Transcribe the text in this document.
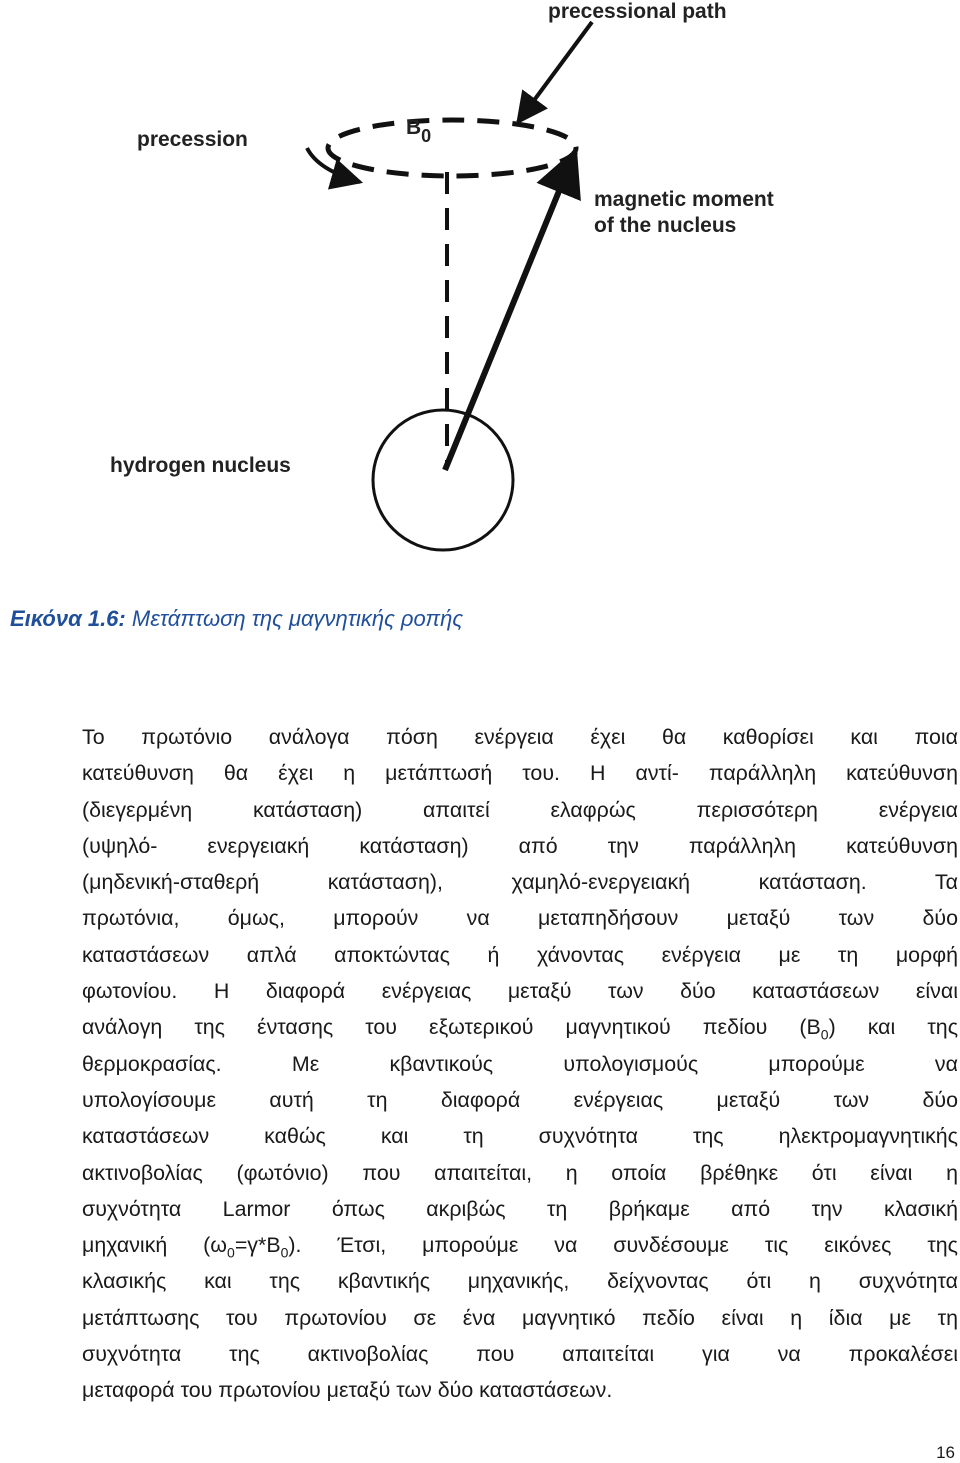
precessional path
precession
B0
magnetic moment
of the nucleus
hydrogen nucleus
Εικόνα 1.6: Μετάπτωση της μαγνητικής ροπής
Το πρωτόνιο ανάλογα πόση ενέργεια έχει θα καθορίσει και ποια
κατεύθυνση θα έχει η μετάπτωσή του. Η αντί- παράλληλη κατεύθυνση
(διεγερμένη κατάσταση) απαιτεί ελαφρώς περισσότερη ενέργεια
(υψηλό- ενεργειακή κατάσταση) από την παράλληλη κατεύθυνση
(μηδενική-σταθερή κατάσταση), χαμηλό-ενεργειακή κατάσταση. Τα
πρωτόνια, όμως, μπορούν να μεταπηδήσουν μεταξύ των δύο
καταστάσεων απλά αποκτώντας ή χάνοντας ενέργεια με τη μορφή
φωτονίου. Η διαφορά ενέργειας μεταξύ των δύο καταστάσεων είναι
ανάλογη της έντασης του εξωτερικού μαγνητικού πεδίου $(B_0)$ και της
θερμοκρασίας. Με κβαντικούς υπολογισμούς μπορούμε να
υπολογίσουμε αυτή τη διαφορά ενέργειας μεταξύ των δύο
καταστάσεων καθώς και τη συχνότητα της ηλεκτρομαγνητικής
ακτινοβολίας (φωτόνιο) που απαιτείται, η οποία βρέθηκε ότι είναι η
συχνότητα Larmor όπως ακριβώς τη βρήκαμε από την κλασική
μηχανική $(\omega_0=\gamma*B_0)$. Έτσι, μπορούμε να συνδέσουμε τις εικόνες της
κλασικής και της κβαντικής μηχανικής, δείχνοντας ότι η συχνότητα
μετάπτωσης του πρωτονίου σε ένα μαγνητικό πεδίο είναι η ίδια με τη
συχνότητα της ακτινοβολίας που απαιτείται για να προκαλέσει
μεταφορά του πρωτονίου μεταξύ των δύο καταστάσεων.
16
